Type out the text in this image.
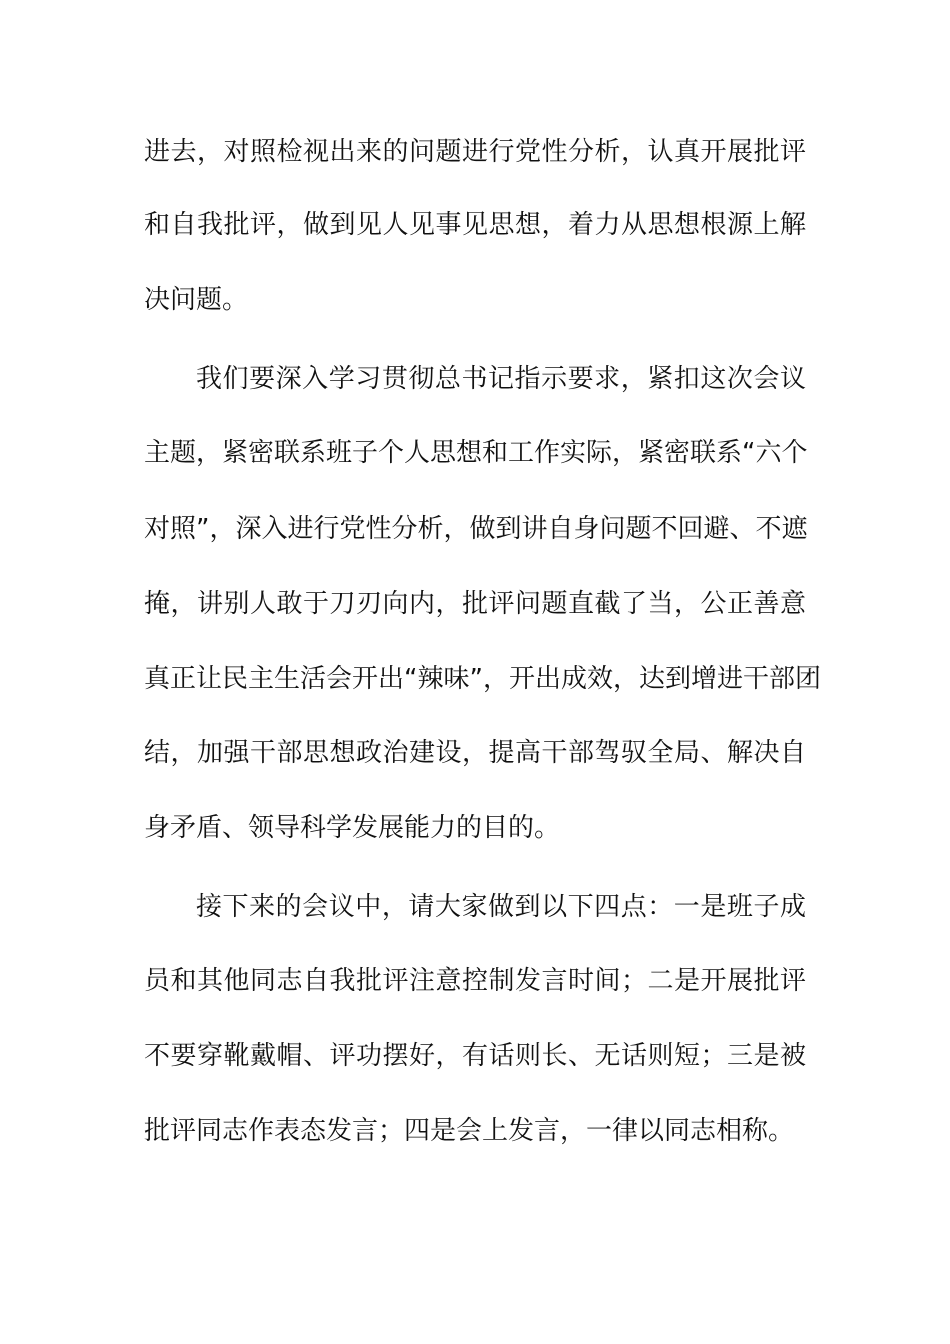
进去，对照检视出来的问题进行党性分析，认真开展批评
和自我批评，做到见人见事见思想，着力从思想根源上解
决问题。
我们要深入学习贯彻总书记指示要求，紧扣这次会议
主题，紧密联系班子个人思想和工作实际，紧密联系“六个
对照”，深入进行党性分析，做到讲自身问题不回避、不遮
掩，讲别人敢于刀刃向内，批评问题直截了当，公正善意
真正让民主生活会开出“辣味”，开出成效，达到增进干部团
结，加强干部思想政治建设，提高干部驾驭全局、解决自
身矛盾、领导科学发展能力的目的。
接下来的会议中，请大家做到以下四点：一是班子成
员和其他同志自我批评注意控制发言时间；二是开展批评
不要穿靴戴帽、评功摆好，有话则长、无话则短；三是被
批评同志作表态发言；四是会上发言，一律以同志相称。
